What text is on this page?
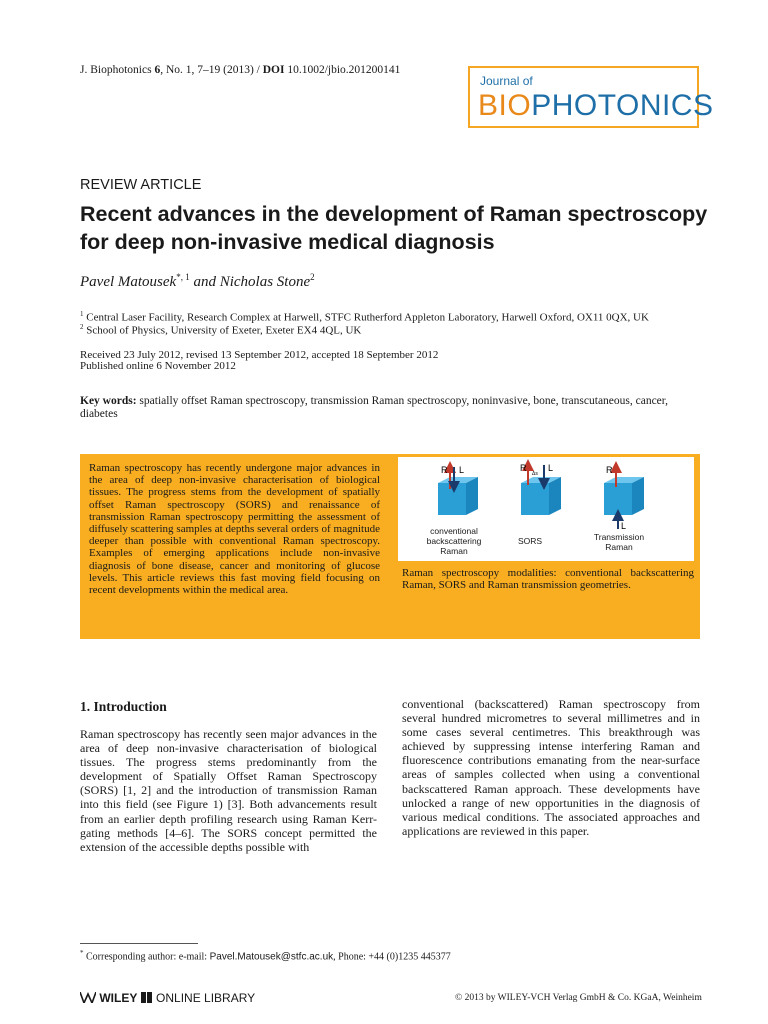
J. Biophotonics 6, No. 1, 7–19 (2013) / DOI 10.1002/jbio.201200141
Journal of
BIOPHOTONICS
REVIEW ARTICLE
Recent advances in the development of Raman spectroscopy for deep non-invasive medical diagnosis
Pavel Matousek$^{*, 1}$ and Nicholas Stone$^2$
$^1$ Central Laser Facility, Research Complex at Harwell, STFC Rutherford Appleton Laboratory, Harwell Oxford, OX11 0QX, UK
$^2$ School of Physics, University of Exeter, Exeter EX4 4QL, UK
Received 23 July 2012, revised 13 September 2012, accepted 18 September 2012
Published online 6 November 2012
Key words: spatially offset Raman spectroscopy, transmission Raman spectroscopy, noninvasive, bone, transcutaneous, cancer, diabetes
Raman spectroscopy has recently undergone major advances in the area of deep non-invasive characterisation of biological tissues. The progress stems from the development of spatially offset Raman spectroscopy (SORS) and renaissance of transmission Raman spectroscopy permitting the assessment of diffusely scattering samples at depths several orders of magnitude deeper than possible with conventional Raman spectroscopy. Examples of emerging applications include non-invasive diagnosis of bone disease, cancer and monitoring of glucose levels. This article reviews this fast moving field focusing on recent developments within the medical area.
R L	R L
Δs	R
L
conventional backscattering Raman
SORS	Transmission Raman
Raman spectroscopy modalities: conventional backscattering Raman, SORS and Raman transmission geometries.
1. Introduction
Raman spectroscopy has recently seen major advances in the area of deep non-invasive characterisation of biological tissues. The progress stems predominantly from the development of Spatially Offset Raman Spectroscopy (SORS) [1, 2] and the introduction of transmission Raman into this field (see Figure 1) [3]. Both advancements result from an earlier depth profiling research using Raman Kerr-gating methods [4–6]. The SORS concept permitted the extension of the accessible depths possible with
conventional (backscattered) Raman spectroscopy from several hundred micrometres to several millimetres and in some cases several centimetres. This breakthrough was achieved by suppressing intense interfering Raman and fluorescence contributions emanating from the near-surface areas of samples collected when using a conventional backscattered Raman approach. These developments have unlocked a range of new opportunities in the diagnosis of various medical conditions. The associated approaches and applications are reviewed in this paper.
* Corresponding author: e-mail: Pavel.Matousek@stfc.ac.uk, Phone: +44 (0)1235 445377
WILEY ONLINE LIBRARY	© 2013 by WILEY-VCH Verlag GmbH & Co. KGaA, Weinheim
